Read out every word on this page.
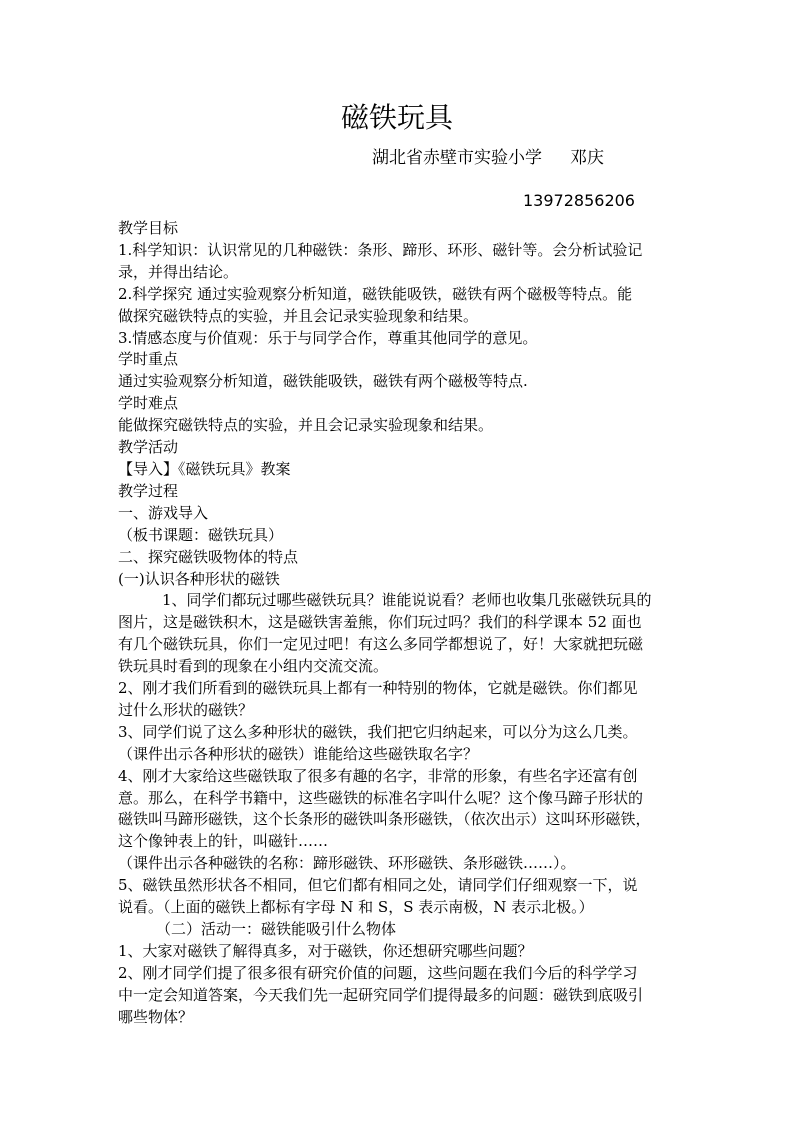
磁铁玩具
湖北省赤壁市实验小学 邓庆
13972856206
教学目标
1.科学知识：认识常见的几种磁铁：条形、蹄形、环形、磁针等。会分析试验记
录，并得出结论。
2.科学探究 通过实验观察分析知道，磁铁能吸铁，磁铁有两个磁极等特点。能
做探究磁铁特点的实验，并且会记录实验现象和结果。
3.情感态度与价值观：乐于与同学合作，尊重其他同学的意见。
学时重点
通过实验观察分析知道，磁铁能吸铁，磁铁有两个磁极等特点.
学时难点
能做探究磁铁特点的实验，并且会记录实验现象和结果。
教学活动
【导入】《磁铁玩具》教案
教学过程
一、游戏导入
（板书课题：磁铁玩具）
二、探究磁铁吸物体的特点
(一)认识各种形状的磁铁
1、同学们都玩过哪些磁铁玩具？谁能说说看？老师也收集几张磁铁玩具的
图片，这是磁铁积木，这是磁铁害羞熊，你们玩过吗？我们的科学课本 52 面也
有几个磁铁玩具，你们一定见过吧！有这么多同学都想说了，好！大家就把玩磁
铁玩具时看到的现象在小组内交流交流。
2、刚才我们所看到的磁铁玩具上都有一种特别的物体，它就是磁铁。你们都见
过什么形状的磁铁？
3、同学们说了这么多种形状的磁铁，我们把它归纳起来，可以分为这么几类。
（课件出示各种形状的磁铁）谁能给这些磁铁取名字？
4、刚才大家给这些磁铁取了很多有趣的名字，非常的形象，有些名字还富有创
意。那么，在科学书籍中，这些磁铁的标准名字叫什么呢？这个像马蹄子形状的
磁铁叫马蹄形磁铁，这个长条形的磁铁叫条形磁铁，（依次出示）这叫环形磁铁，
这个像钟表上的针，叫磁针……
（课件出示各种磁铁的名称：蹄形磁铁、环形磁铁、条形磁铁……）。
5、磁铁虽然形状各不相同，但它们都有相同之处，请同学们仔细观察一下，说
说看。（上面的磁铁上都标有字母 N 和 S，S 表示南极，N 表示北极。）
（二）活动一：磁铁能吸引什么物体
1、大家对磁铁了解得真多，对于磁铁，你还想研究哪些问题？
2、刚才同学们提了很多很有研究价值的问题，这些问题在我们今后的科学学习
中一定会知道答案，今天我们先一起研究同学们提得最多的问题：磁铁到底吸引
哪些物体？
